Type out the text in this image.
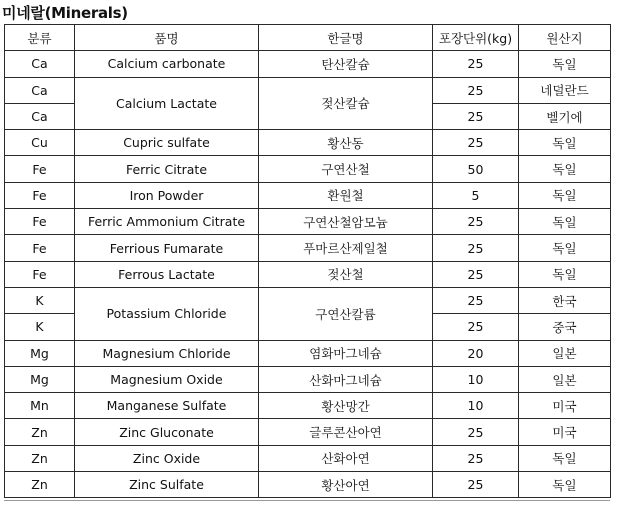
미네랄(Minerals)
분류	품명	한글명	포장단위(kg)	원산지
Ca	Calcium carbonate	탄산칼슘	25	독일
Ca	Calcium Lactate	젖산칼슘	25	네덜란드
Ca			25	벨기에
Cu	Cupric sulfate	황산동	25	독일
Fe	Ferric Citrate	구연산철	50	독일
Fe	Iron Powder	환원철	5	독일
Fe	Ferric Ammonium Citrate	구연산철암모늄	25	독일
Fe	Ferrious Fumarate	푸마르산제일철	25	독일
Fe	Ferrous Lactate	젖산철	25	독일
K	Potassium Chloride	구연산칼륨	25	한국
K			25	중국
Mg	Magnesium Chloride	염화마그네슘	20	일본
Mg	Magnesium Oxide	산화마그네슘	10	일본
Mn	Manganese Sulfate	황산망간	10	미국
Zn	Zinc Gluconate	글루콘산아연	25	미국
Zn	Zinc Oxide	산화아연	25	독일
Zn	Zinc Sulfate	황산아연	25	독일
